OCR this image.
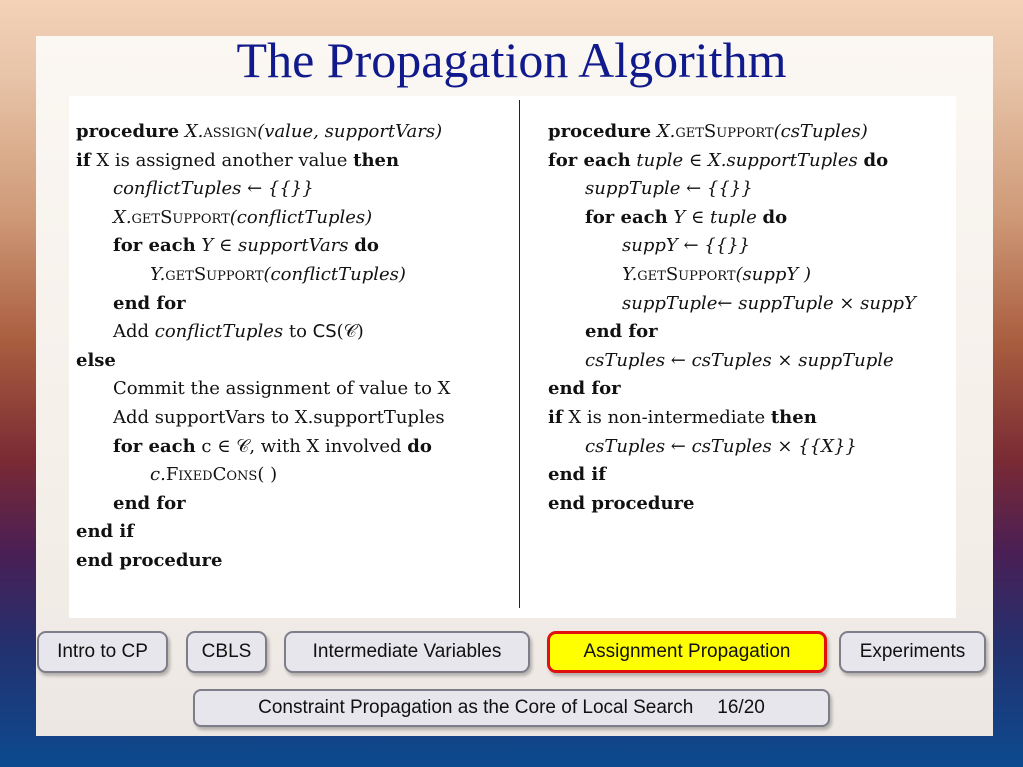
The Propagation Algorithm
procedure X.assign(value, supportVars)
if X is assigned another value then
conflictTuples ← {{}}
X.getSupport(conflictTuples)
for each Y ∈ supportVars do
Y.getSupport(conflictTuples)
end for
Add conflictTuples to CS(𝒞)
else
Commit the assignment of value to X
Add supportVars to X.supportTuples
for each c ∈ 𝒞, with X involved do
c.FixedCons( )
end for
end if
end procedure
procedure X.getSupport(csTuples)
for each tuple ∈ X.supportTuples do
suppTuple ← {{}}
for each Y ∈ tuple do
suppY ← {{}}
Y.getSupport(suppY )
suppTuple← suppTuple × suppY
end for
csTuples ← csTuples × suppTuple
end for
if X is non-intermediate then
csTuples ← csTuples × {{X}}
end if
end procedure
Intro to CP	CBLS	Intermediate Variables	Assignment Propagation	Experiments
Constraint Propagation as the Core of Local Search 16/20
